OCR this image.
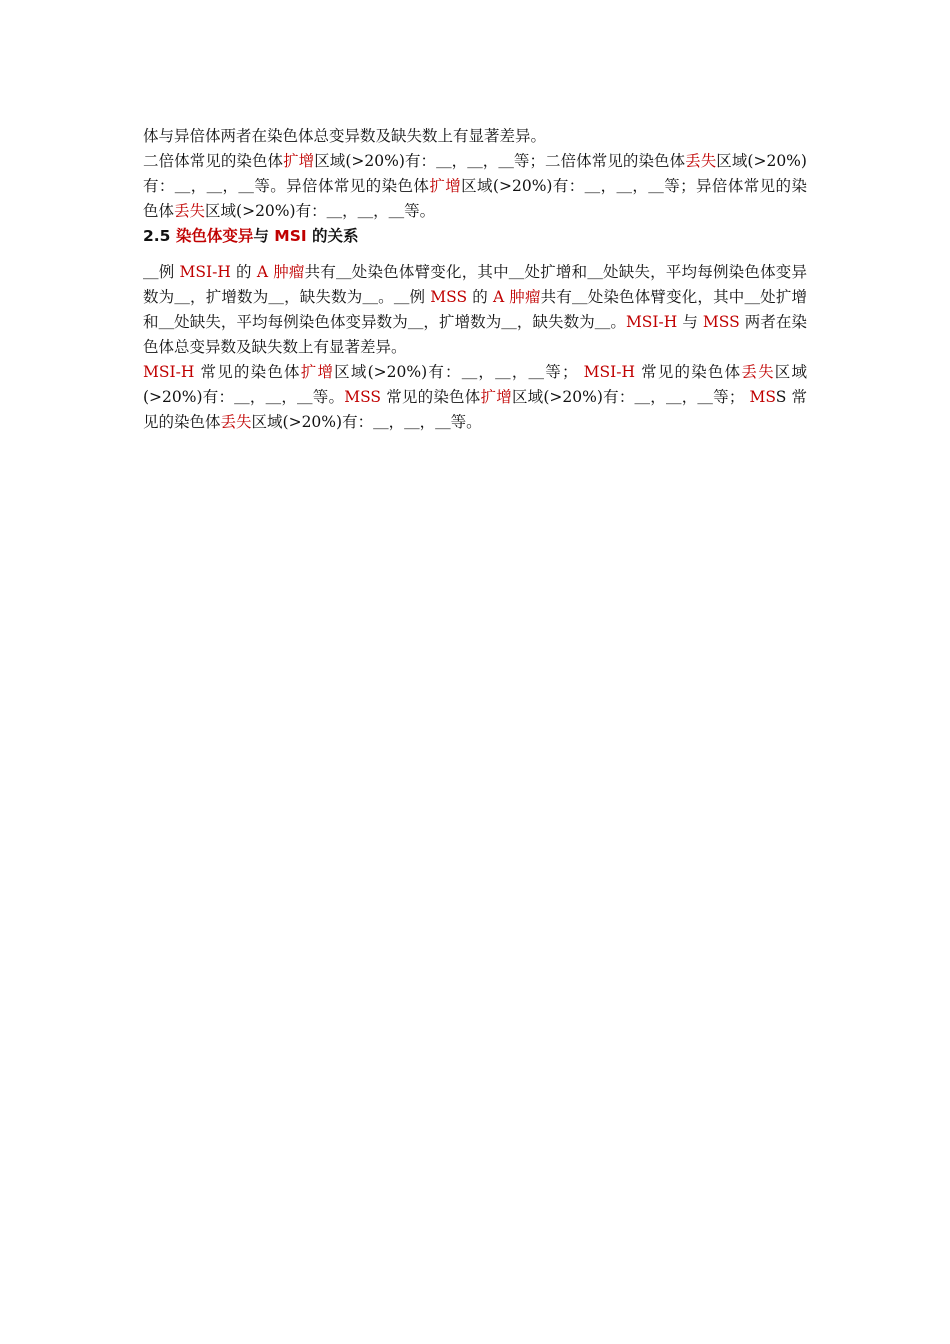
体与异倍体两者在染色体总变异数及缺失数上有显著差异。

二倍体常见的染色体扩增区域(>20%)有：＿，＿，＿等；二倍体常见的染色体丢失区域(>20%)有：＿，＿，＿等。异倍体常见的染色体扩增区域(>20%)有：＿，＿，＿等；异倍体常见的染色体丢失区域(>20%)有：＿，＿，＿等。

2.5 染色体变异与 MSI 的关系

＿例 MSI-H 的 A 肿瘤共有＿处染色体臂变化，其中＿处扩增和＿处缺失，平均每例染色体变异数为＿，扩增数为＿，缺失数为＿。＿例 MSS 的 A 肿瘤共有＿处染色体臂变化，其中＿处扩增和＿处缺失，平均每例染色体变异数为＿，扩增数为＿，缺失数为＿。MSI-H 与 MSS 两者在染色体总变异数及缺失数上有显著差异。

MSI-H 常见的染色体扩增区域(>20%)有：＿，＿，＿等； MSI-H 常见的染色体丢失区域(>20%)有：＿，＿，＿等。MSS 常见的染色体扩增区域(>20%)有：＿，＿，＿等； MSS 常见的染色体丢失区域(>20%)有：＿，＿，＿等。
